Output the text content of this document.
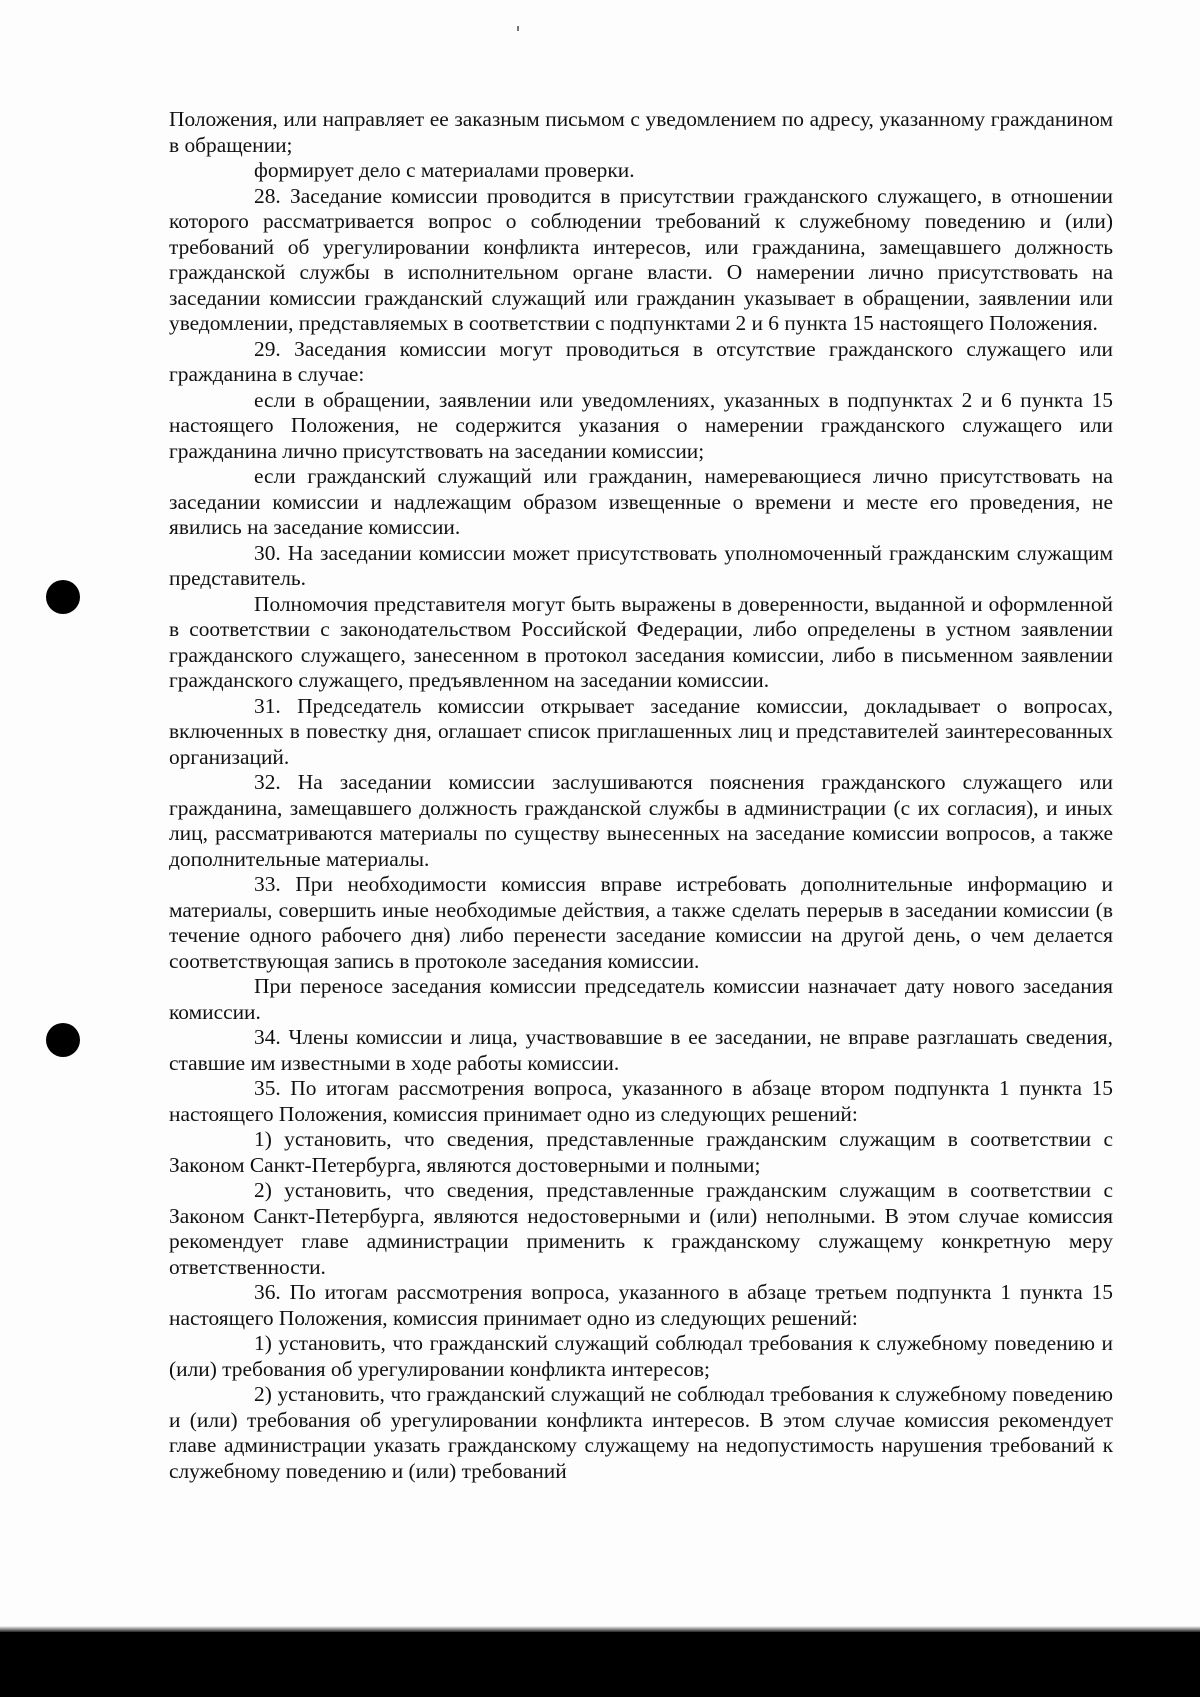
Положения, или направляет ее заказным письмом с уведомлением по адресу, указанному гражданином в обращении;

формирует дело с материалами проверки.

28. Заседание комиссии проводится в присутствии гражданского служащего, в отношении которого рассматривается вопрос о соблюдении требований к служебному поведению и (или) требований об урегулировании конфликта интересов, или гражданина, замещавшего должность гражданской службы в исполнительном органе власти. О намерении лично присутствовать на заседании комиссии гражданский служащий или гражданин указывает в обращении, заявлении или уведомлении, представляемых в соответствии с подпунктами 2 и 6 пункта 15 настоящего Положения.

29. Заседания комиссии могут проводиться в отсутствие гражданского служащего или гражданина в случае:

если в обращении, заявлении или уведомлениях, указанных в подпунктах 2 и 6 пункта 15 настоящего Положения, не содержится указания о намерении гражданского служащего или гражданина лично присутствовать на заседании комиссии;

если гражданский служащий или гражданин, намеревающиеся лично присутствовать на заседании комиссии и надлежащим образом извещенные о времени и месте его проведения, не явились на заседание комиссии.

30. На заседании комиссии может присутствовать уполномоченный гражданским служащим представитель.

Полномочия представителя могут быть выражены в доверенности, выданной и оформленной в соответствии с законодательством Российской Федерации, либо определены в устном заявлении гражданского служащего, занесенном в протокол заседания комиссии, либо в письменном заявлении гражданского служащего, предъявленном на заседании комиссии.

31. Председатель комиссии открывает заседание комиссии, докладывает о вопросах, включенных в повестку дня, оглашает список приглашенных лиц и представителей заинтересованных организаций.

32. На заседании комиссии заслушиваются пояснения гражданского служащего или гражданина, замещавшего должность гражданской службы в администрации (с их согласия), и иных лиц, рассматриваются материалы по существу вынесенных на заседание комиссии вопросов, а также дополнительные материалы.

33. При необходимости комиссия вправе истребовать дополнительные информацию и материалы, совершить иные необходимые действия, а также сделать перерыв в заседании комиссии (в течение одного рабочего дня) либо перенести заседание комиссии на другой день, о чем делается соответствующая запись в протоколе заседания комиссии.

При переносе заседания комиссии председатель комиссии назначает дату нового заседания комиссии.

34. Члены комиссии и лица, участвовавшие в ее заседании, не вправе разглашать сведения, ставшие им известными в ходе работы комиссии.

35. По итогам рассмотрения вопроса, указанного в абзаце втором подпункта 1 пункта 15 настоящего Положения, комиссия принимает одно из следующих решений:

1) установить, что сведения, представленные гражданским служащим в соответствии с Законом Санкт-Петербурга, являются достоверными и полными;

2) установить, что сведения, представленные гражданским служащим в соответствии с Законом Санкт-Петербурга, являются недостоверными и (или) неполными. В этом случае комиссия рекомендует главе администрации применить к гражданскому служащему конкретную меру ответственности.

36. По итогам рассмотрения вопроса, указанного в абзаце третьем подпункта 1 пункта 15 настоящего Положения, комиссия принимает одно из следующих решений:

1) установить, что гражданский служащий соблюдал требования к служебному поведению и (или) требования об урегулировании конфликта интересов;

2) установить, что гражданский служащий не соблюдал требования к служебному поведению и (или) требования об урегулировании конфликта интересов. В этом случае комиссия рекомендует главе администрации указать гражданскому служащему на недопустимость нарушения требований к служебному поведению и (или) требований
